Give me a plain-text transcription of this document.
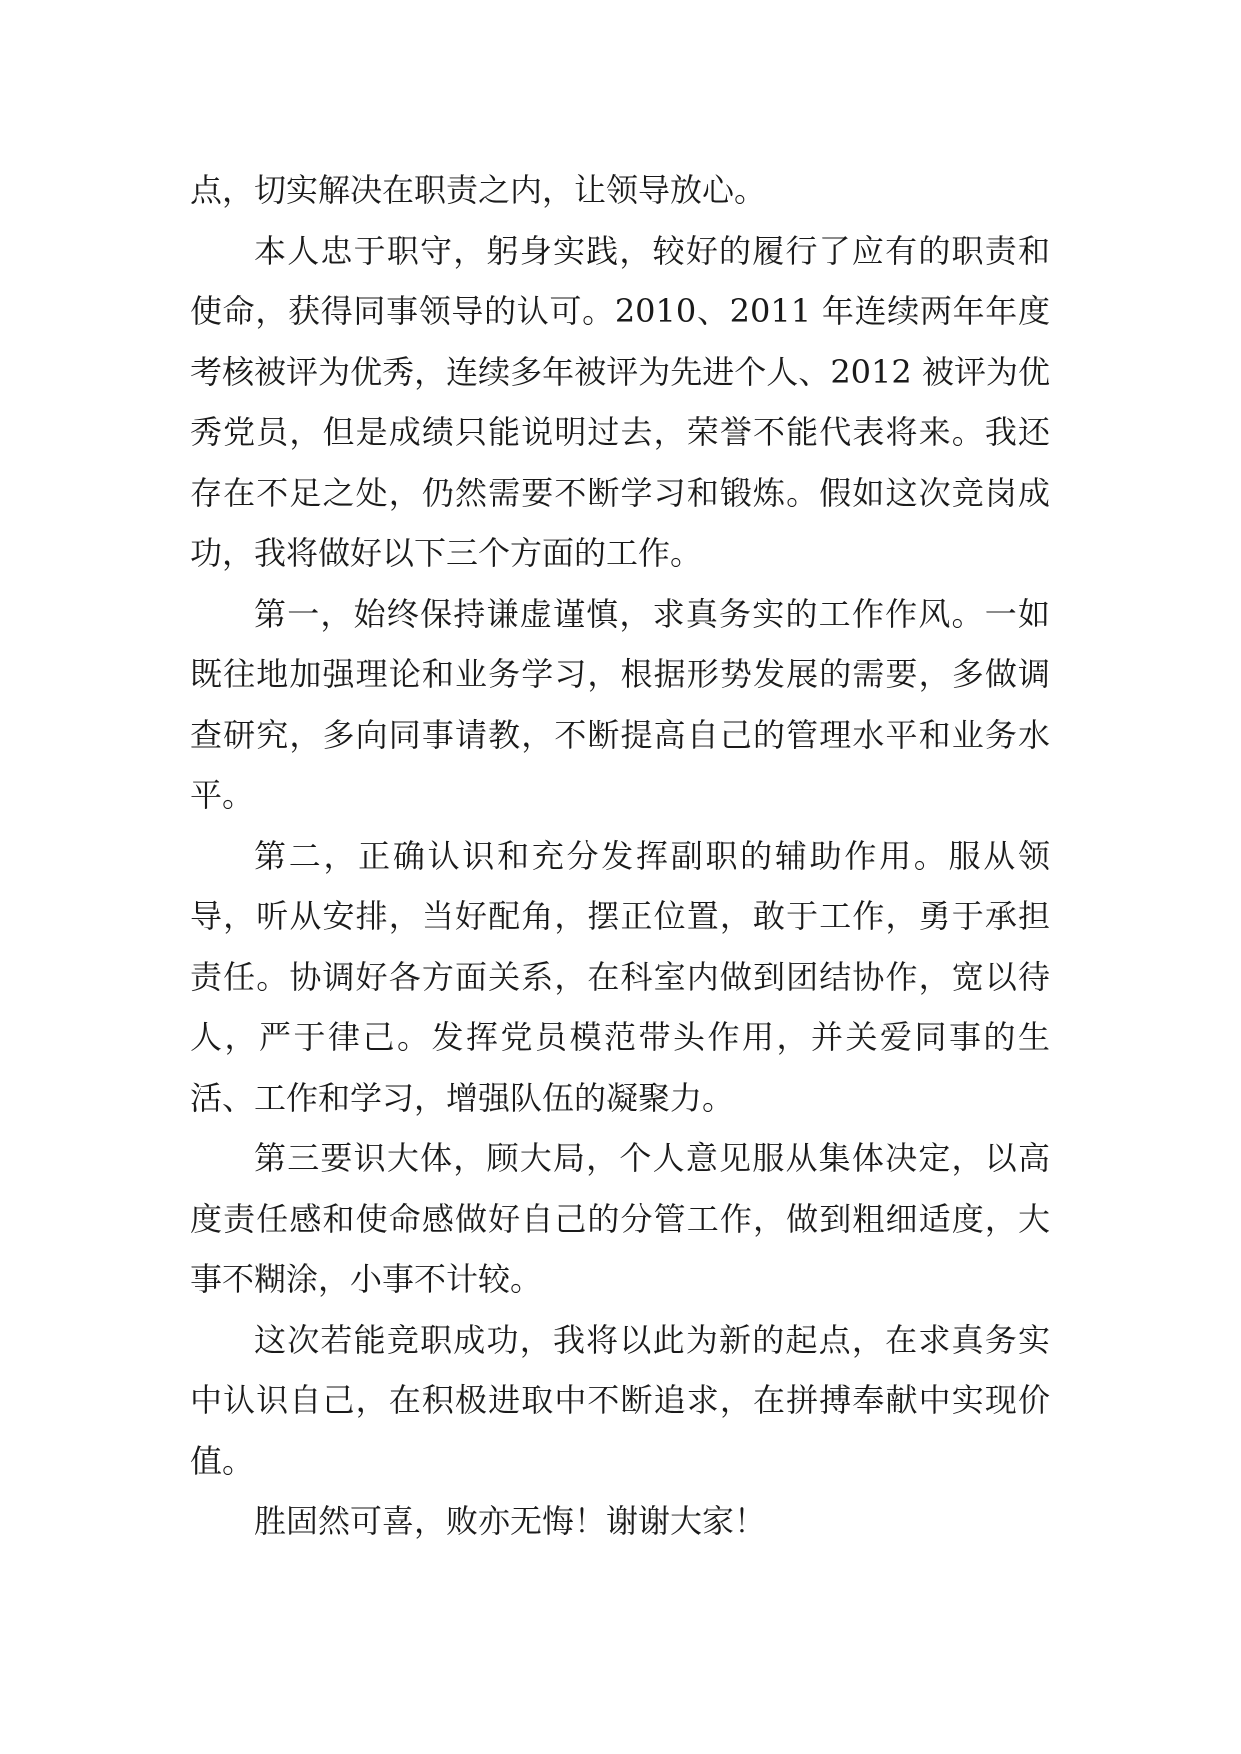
点，切实解决在职责之内，让领导放心。

本人忠于职守，躬身实践，较好的履行了应有的职责和使命，获得同事领导的认可。2010、2011 年连续两年年度考核被评为优秀，连续多年被评为先进个人、2012 被评为优秀党员，但是成绩只能说明过去，荣誉不能代表将来。我还存在不足之处，仍然需要不断学习和锻炼。假如这次竞岗成功，我将做好以下三个方面的工作。

第一，始终保持谦虚谨慎，求真务实的工作作风。一如既往地加强理论和业务学习，根据形势发展的需要，多做调查研究，多向同事请教，不断提高自己的管理水平和业务水平。

第二，正确认识和充分发挥副职的辅助作用。服从领导，听从安排，当好配角，摆正位置，敢于工作，勇于承担责任。协调好各方面关系，在科室内做到团结协作，宽以待人，严于律己。发挥党员模范带头作用，并关爱同事的生活、工作和学习，增强队伍的凝聚力。

第三要识大体，顾大局，个人意见服从集体决定，以高度责任感和使命感做好自己的分管工作，做到粗细适度，大事不糊涂，小事不计较。

这次若能竞职成功，我将以此为新的起点，在求真务实中认识自己，在积极进取中不断追求，在拼搏奉献中实现价值。

胜固然可喜，败亦无悔！谢谢大家！
